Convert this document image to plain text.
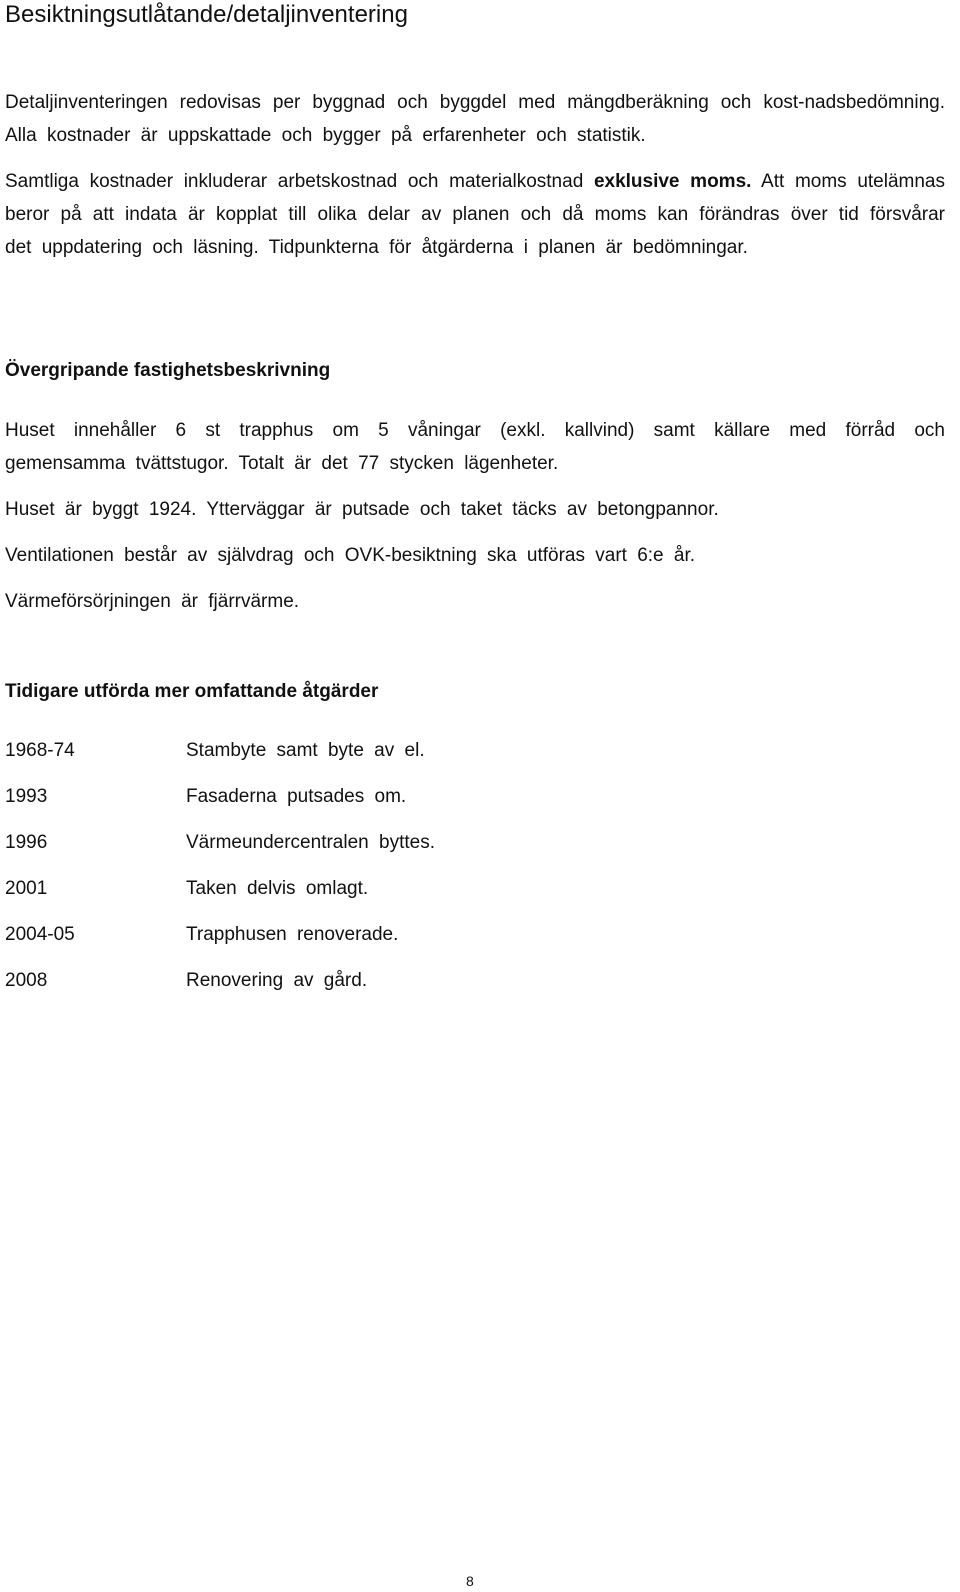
Besiktningsutlåtande/detaljinventering

Detaljinventeringen redovisas per byggnad och byggdel med mängdberäkning och kost-nadsbedömning. Alla kostnader är uppskattade och bygger på erfarenheter och statistik.

Samtliga kostnader inkluderar arbetskostnad och materialkostnad exklusive moms. Att moms utelämnas beror på att indata är kopplat till olika delar av planen och då moms kan förändras över tid försvårar det uppdatering och läsning. Tidpunkterna för åtgärderna i planen är bedömningar.

Övergripande fastighetsbeskrivning

Huset innehåller 6 st trapphus om 5 våningar (exkl. kallvind) samt källare med förråd och gemensamma tvättstugor. Totalt är det 77 stycken lägenheter.

Huset är byggt 1924. Ytterväggar är putsade och taket täcks av betongpannor.

Ventilationen består av självdrag och OVK-besiktning ska utföras vart 6:e år.

Värmeförsörjningen är fjärrvärme.

Tidigare utförda mer omfattande åtgärder
1968-74	Stambyte samt byte av el.
1993	Fasaderna putsades om.
1996	Värmeundercentralen byttes.
2001	Taken delvis omlagt.
2004-05	Trapphusen renoverade.
2008	Renovering av gård.
8
